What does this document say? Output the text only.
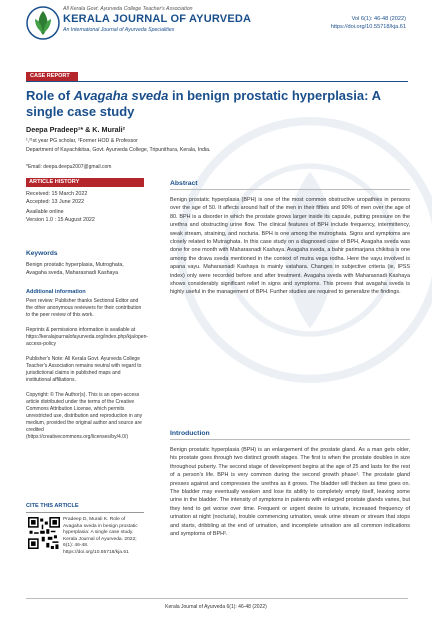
All Kerala Govt. Ayurveda College Teacher's Association
KERALA JOURNAL OF AYURVEDA
An International Journal of Ayurveda Specialities
Vol 6(1): 46-48 (2022)
https://doi.org/10.55718/kja.61
CASE REPORT
Role of Avagaha sveda in benign prostatic hyperplasia: A single case study
Deepa Pradeep¹* & K. Murali²
¹,²¹st year PG scholar, ²Former HOD & Professor
Department of Kayachikitsa, Govt. Ayurveda College, Tripunithura, Kerala, India.
*Email: deepa.deepu2007@gmail.com
ARTICLE HISTORY
Received: 15 March 2022
Accepted: 13 June 2022
Available online
Version 1.0 : 15 August 2022
Keywords
Benign prostatic hyperplasia, Mutroghata, Avagaha sveda, Maharasnadi Kashaya
Additional information
Peer review: Publisher thanks Sectional Editor and the other anonymous reviewers for their contribution to the peer review of this work.
Reprints & permissions information is available at https://keralajournalofayurveda.org/index.php/kja/open-access-policy
Publisher's Note: All Kerala Govt. Ayurveda College Teacher's Association remains neutral with regard to jurisdictional claims in published maps and institutional affiliations.
Copyright: © The Author(s). This is an open-access article distributed under the terms of the Creative Commons Attribution License, which permits unrestricted use, distribution and reproduction in any medium, provided the original author and source are credited (https://creativecommons.org/licenses/by/4.0/)
CITE THIS ARTICLE
Pradeep D, Murali K. Role of Avagaha sveda in benign prostatic hyperplasia: A single case study. Kerala Journal of Ayurveda. 2022; 6(1): 46-48. https://doi.org/10.55718/kja.61
Abstract
Benign prostatic hyperplasia (BPH) is one of the most common obstructive uropathies in persons over the age of 50. It affects around half of the men in their fifties and 90% of men over the age of 80. BPH is a disorder in which the prostate grows larger inside its capsule, putting pressure on the urethra and obstructing urine flow. The clinical features of BPH include frequency, intermittency, weak stream, straining, and nocturia. BPH is one among the mutroghata. Signs and symptoms are closely related to Mutraghata. In this case study on a diagnosed case of BPH, Avagaha sveda was done for one month with Maharasnadi Kashaya. Avagaha sveda, a bahir parimarjana chikitsa is one among the drava sveda mentioned in the context of mutra vega rodha. Here the vayu involved is apana vayu. Maharasnadi Kashaya is mainly vatahara. Changes in subjective criteria (ie, IPSS index) only were recorded before and after treatment. Avagaha sveda with Maharasnadi Kashaya shows considerably significant relief in signs and symptoms. This proves that avagaha sveda is highly useful in the management of BPH. Further studies are required to generalize the findings.
Introduction
Benign prostatic hyperplasia (BPH) is an enlargement of the prostate gland. As a man gets older, his prostate goes through two distinct growth stages. The first is when the prostate doubles in size throughout puberty. The second stage of development begins at the age of 25 and lasts for the rest of a person's life. BPH is very common during the second growth phase¹. The prostate gland presses against and compresses the urethra as it grows. The bladder will thicken as time goes on. The bladder may eventually weaken and lose its ability to completely empty itself, leaving some urine in the bladder. The intensity of symptoms in patients with enlarged prostate glands varies, but they tend to get worse over time. Frequent or urgent desire to urinate, increased frequency of urination at night (nocturia), trouble commencing urination, weak urine stream or stream that stops and starts, dribbling at the end of urination, and incomplete urination are all common indications and symptoms of BPH².
Kerala Journal of Ayurveda 6(1): 46-48 (2022)
